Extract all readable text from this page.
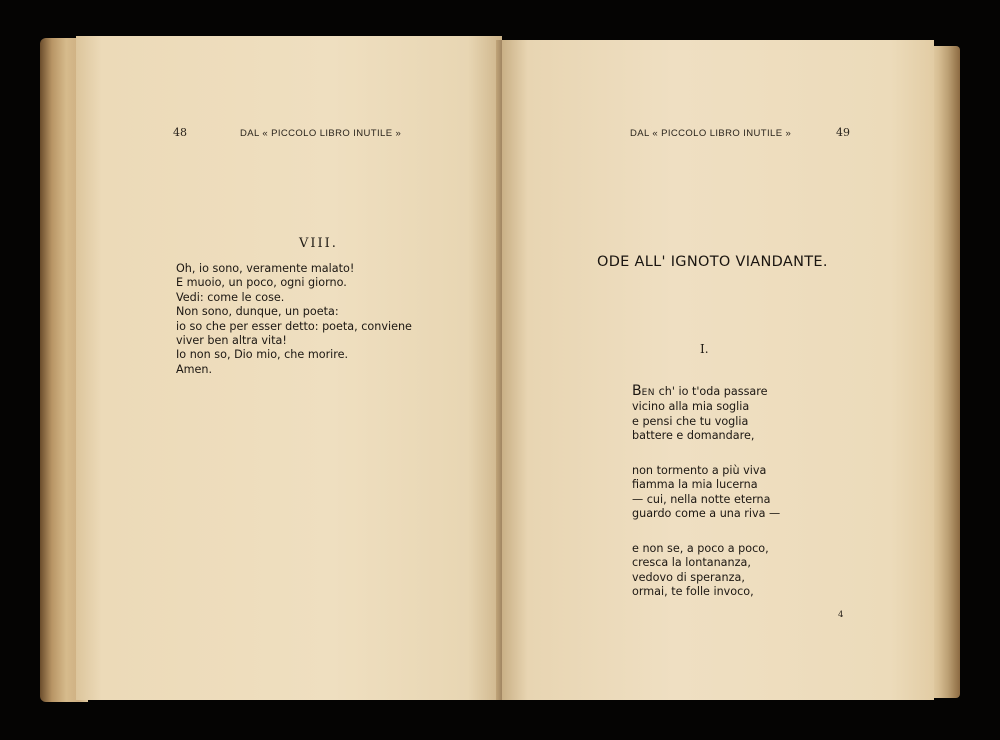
48	DAL « PICCOLO LIBRO INUTILE »
VIII.
Oh, io sono, veramente malato!
E muoio, un poco, ogni giorno.
Vedi: come le cose.
Non sono, dunque, un poeta:
io so che per esser detto: poeta, conviene
viver ben altra vita!
Io non so, Dio mio, che morire.
Amen.
DAL « PICCOLO LIBRO INUTILE »	49
ODE ALL' IGNOTO VIANDANTE.
I.
BEN ch' io t'oda passare
vicino alla mia soglia
e pensi che tu voglia
battere e domandare,
non tormento a più viva
fiamma la mia lucerna
— cui, nella notte eterna
guardo come a una riva —
e non se, a poco a poco,
cresca la lontananza,
vedovo di speranza,
ormai, te folle invoco,
4
